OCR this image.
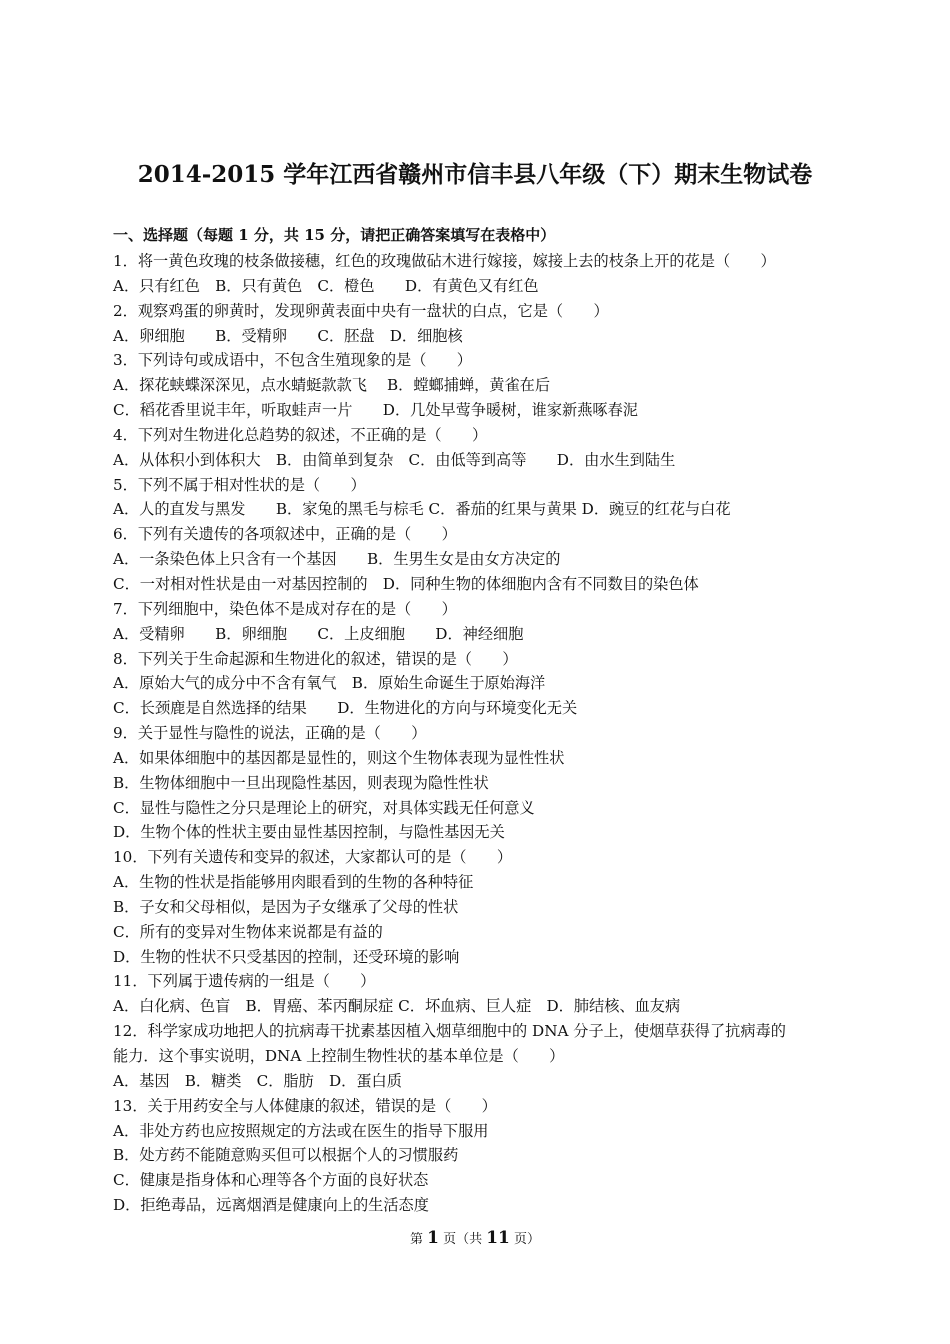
2014-2015 学年江西省赣州市信丰县八年级（下）期末生物试卷
一、选择题（每题 1 分，共 15 分，请把正确答案填写在表格中）
1．将一黄色玫瑰的枝条做接穗，红色的玫瑰做砧木进行嫁接，嫁接上去的枝条上开的花是（　　）
A．只有红色　B．只有黄色　C．橙色　　D．有黄色又有红色
2．观察鸡蛋的卵黄时，发现卵黄表面中央有一盘状的白点，它是（　　）
A．卵细胞　　B．受精卵　　C．胚盘　D．细胞核
3．下列诗句或成语中，不包含生殖现象的是（　　）
A．探花蛱蝶深深见，点水蜻蜓款款飞　 B．螳螂捕蝉，黄雀在后
C．稻花香里说丰年，听取蛙声一片　　D．几处早莺争暖树，谁家新燕啄春泥
4．下列对生物进化总趋势的叙述，不正确的是（　　）
A．从体积小到体积大　B．由简单到复杂　C．由低等到高等　　D．由水生到陆生
5．下列不属于相对性状的是（　　）
A．人的直发与黑发　　B．家兔的黑毛与棕毛 C．番茄的红果与黄果 D．豌豆的红花与白花
6．下列有关遗传的各项叙述中，正确的是（　　）
A．一条染色体上只含有一个基因　　B．生男生女是由女方决定的
C．一对相对性状是由一对基因控制的　D．同种生物的体细胞内含有不同数目的染色体
7．下列细胞中，染色体不是成对存在的是（　　）
A．受精卵　　B．卵细胞　　C．上皮细胞　　D．神经细胞
8．下列关于生命起源和生物进化的叙述，错误的是（　　）
A．原始大气的成分中不含有氧气　B．原始生命诞生于原始海洋
C．长颈鹿是自然选择的结果　　D．生物进化的方向与环境变化无关
9．关于显性与隐性的说法，正确的是（　　）
A．如果体细胞中的基因都是显性的，则这个生物体表现为显性性状
B．生物体细胞中一旦出现隐性基因，则表现为隐性性状
C．显性与隐性之分只是理论上的研究，对具体实践无任何意义
D．生物个体的性状主要由显性基因控制，与隐性基因无关
10．下列有关遗传和变异的叙述，大家都认可的是（　　）
A．生物的性状是指能够用肉眼看到的生物的各种特征
B．子女和父母相似，是因为子女继承了父母的性状
C．所有的变异对生物体来说都是有益的
D．生物的性状不只受基因的控制，还受环境的影响
11．下列属于遗传病的一组是（　　）
A．白化病、色盲　B．胃癌、苯丙酮尿症 C．坏血病、巨人症　D．肺结核、血友病
12．科学家成功地把人的抗病毒干扰素基因植入烟草细胞中的 DNA 分子上，使烟草获得了抗病毒的
能力．这个事实说明，DNA 上控制生物性状的基本单位是（　　）
A．基因　B．糖类　C．脂肪　D．蛋白质
13．关于用药安全与人体健康的叙述，错误的是（　　）
A．非处方药也应按照规定的方法或在医生的指导下服用
B．处方药不能随意购买但可以根据个人的习惯服药
C．健康是指身体和心理等各个方面的良好状态
D．拒绝毒品，远离烟酒是健康向上的生活态度
第 1 页（共 11 页）
